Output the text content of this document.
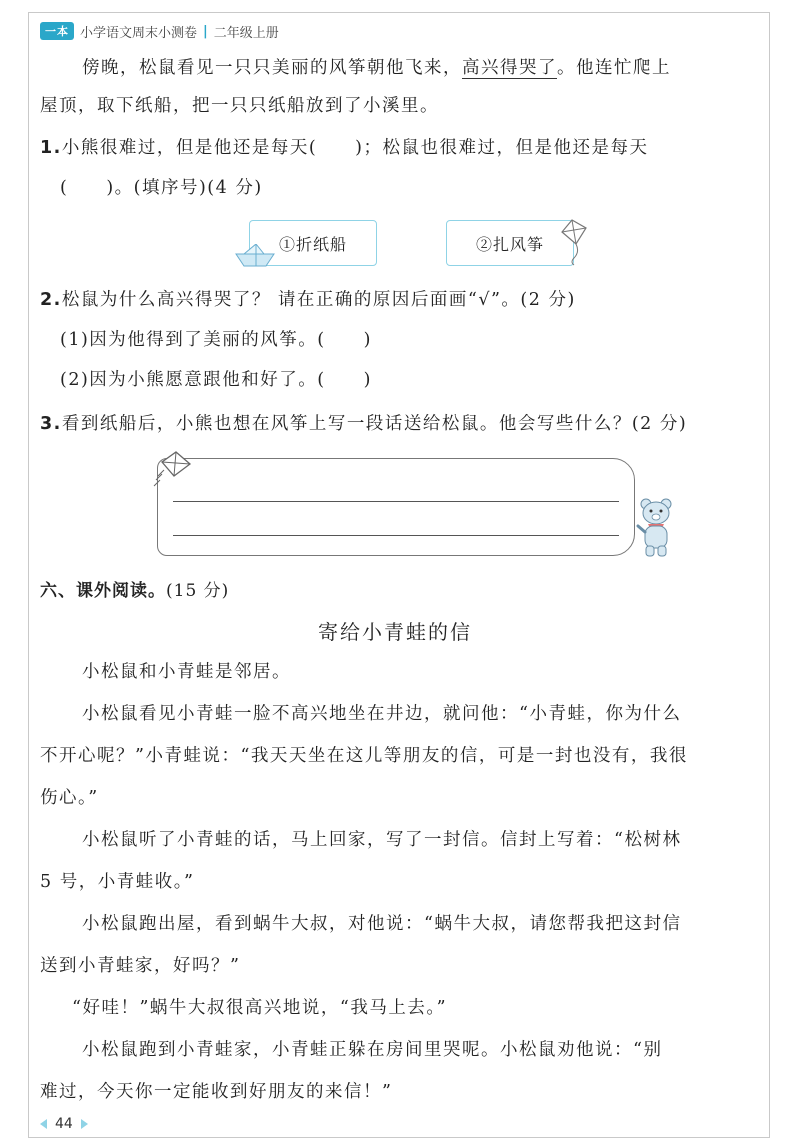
一本 小学语文周末小测卷 | 二年级上册
傍晚，松鼠看见一只只美丽的风筝朝他飞来，高兴得哭了。他连忙爬上
屋顶，取下纸船，把一只只纸船放到了小溪里。
1.小熊很难过，但是他还是每天(　　)；松鼠也很难过，但是他还是每天
(　　)。(填序号)(4 分)
①折纸船	②扎风筝
2.松鼠为什么高兴得哭了？ 请在正确的原因后面画“√”。(2 分)
(1)因为他得到了美丽的风筝。(　　)
(2)因为小熊愿意跟他和好了。(　　)
3.看到纸船后，小熊也想在风筝上写一段话送给松鼠。他会写些什么？(2 分)
六、课外阅读。(15 分)
寄给小青蛙的信
小松鼠和小青蛙是邻居。
小松鼠看见小青蛙一脸不高兴地坐在井边，就问他：“小青蛙，你为什么
不开心呢？”小青蛙说：“我天天坐在这儿等朋友的信，可是一封也没有，我很
伤心。”
小松鼠听了小青蛙的话，马上回家，写了一封信。信封上写着：“松树林
5 号，小青蛙收。”
小松鼠跑出屋，看到蜗牛大叔，对他说：“蜗牛大叔，请您帮我把这封信
送到小青蛙家，好吗？”
“好哇！”蜗牛大叔很高兴地说，“我马上去。”
小松鼠跑到小青蛙家，小青蛙正躲在房间里哭呢。小松鼠劝他说：“别
难过，今天你一定能收到好朋友的来信！”
44
